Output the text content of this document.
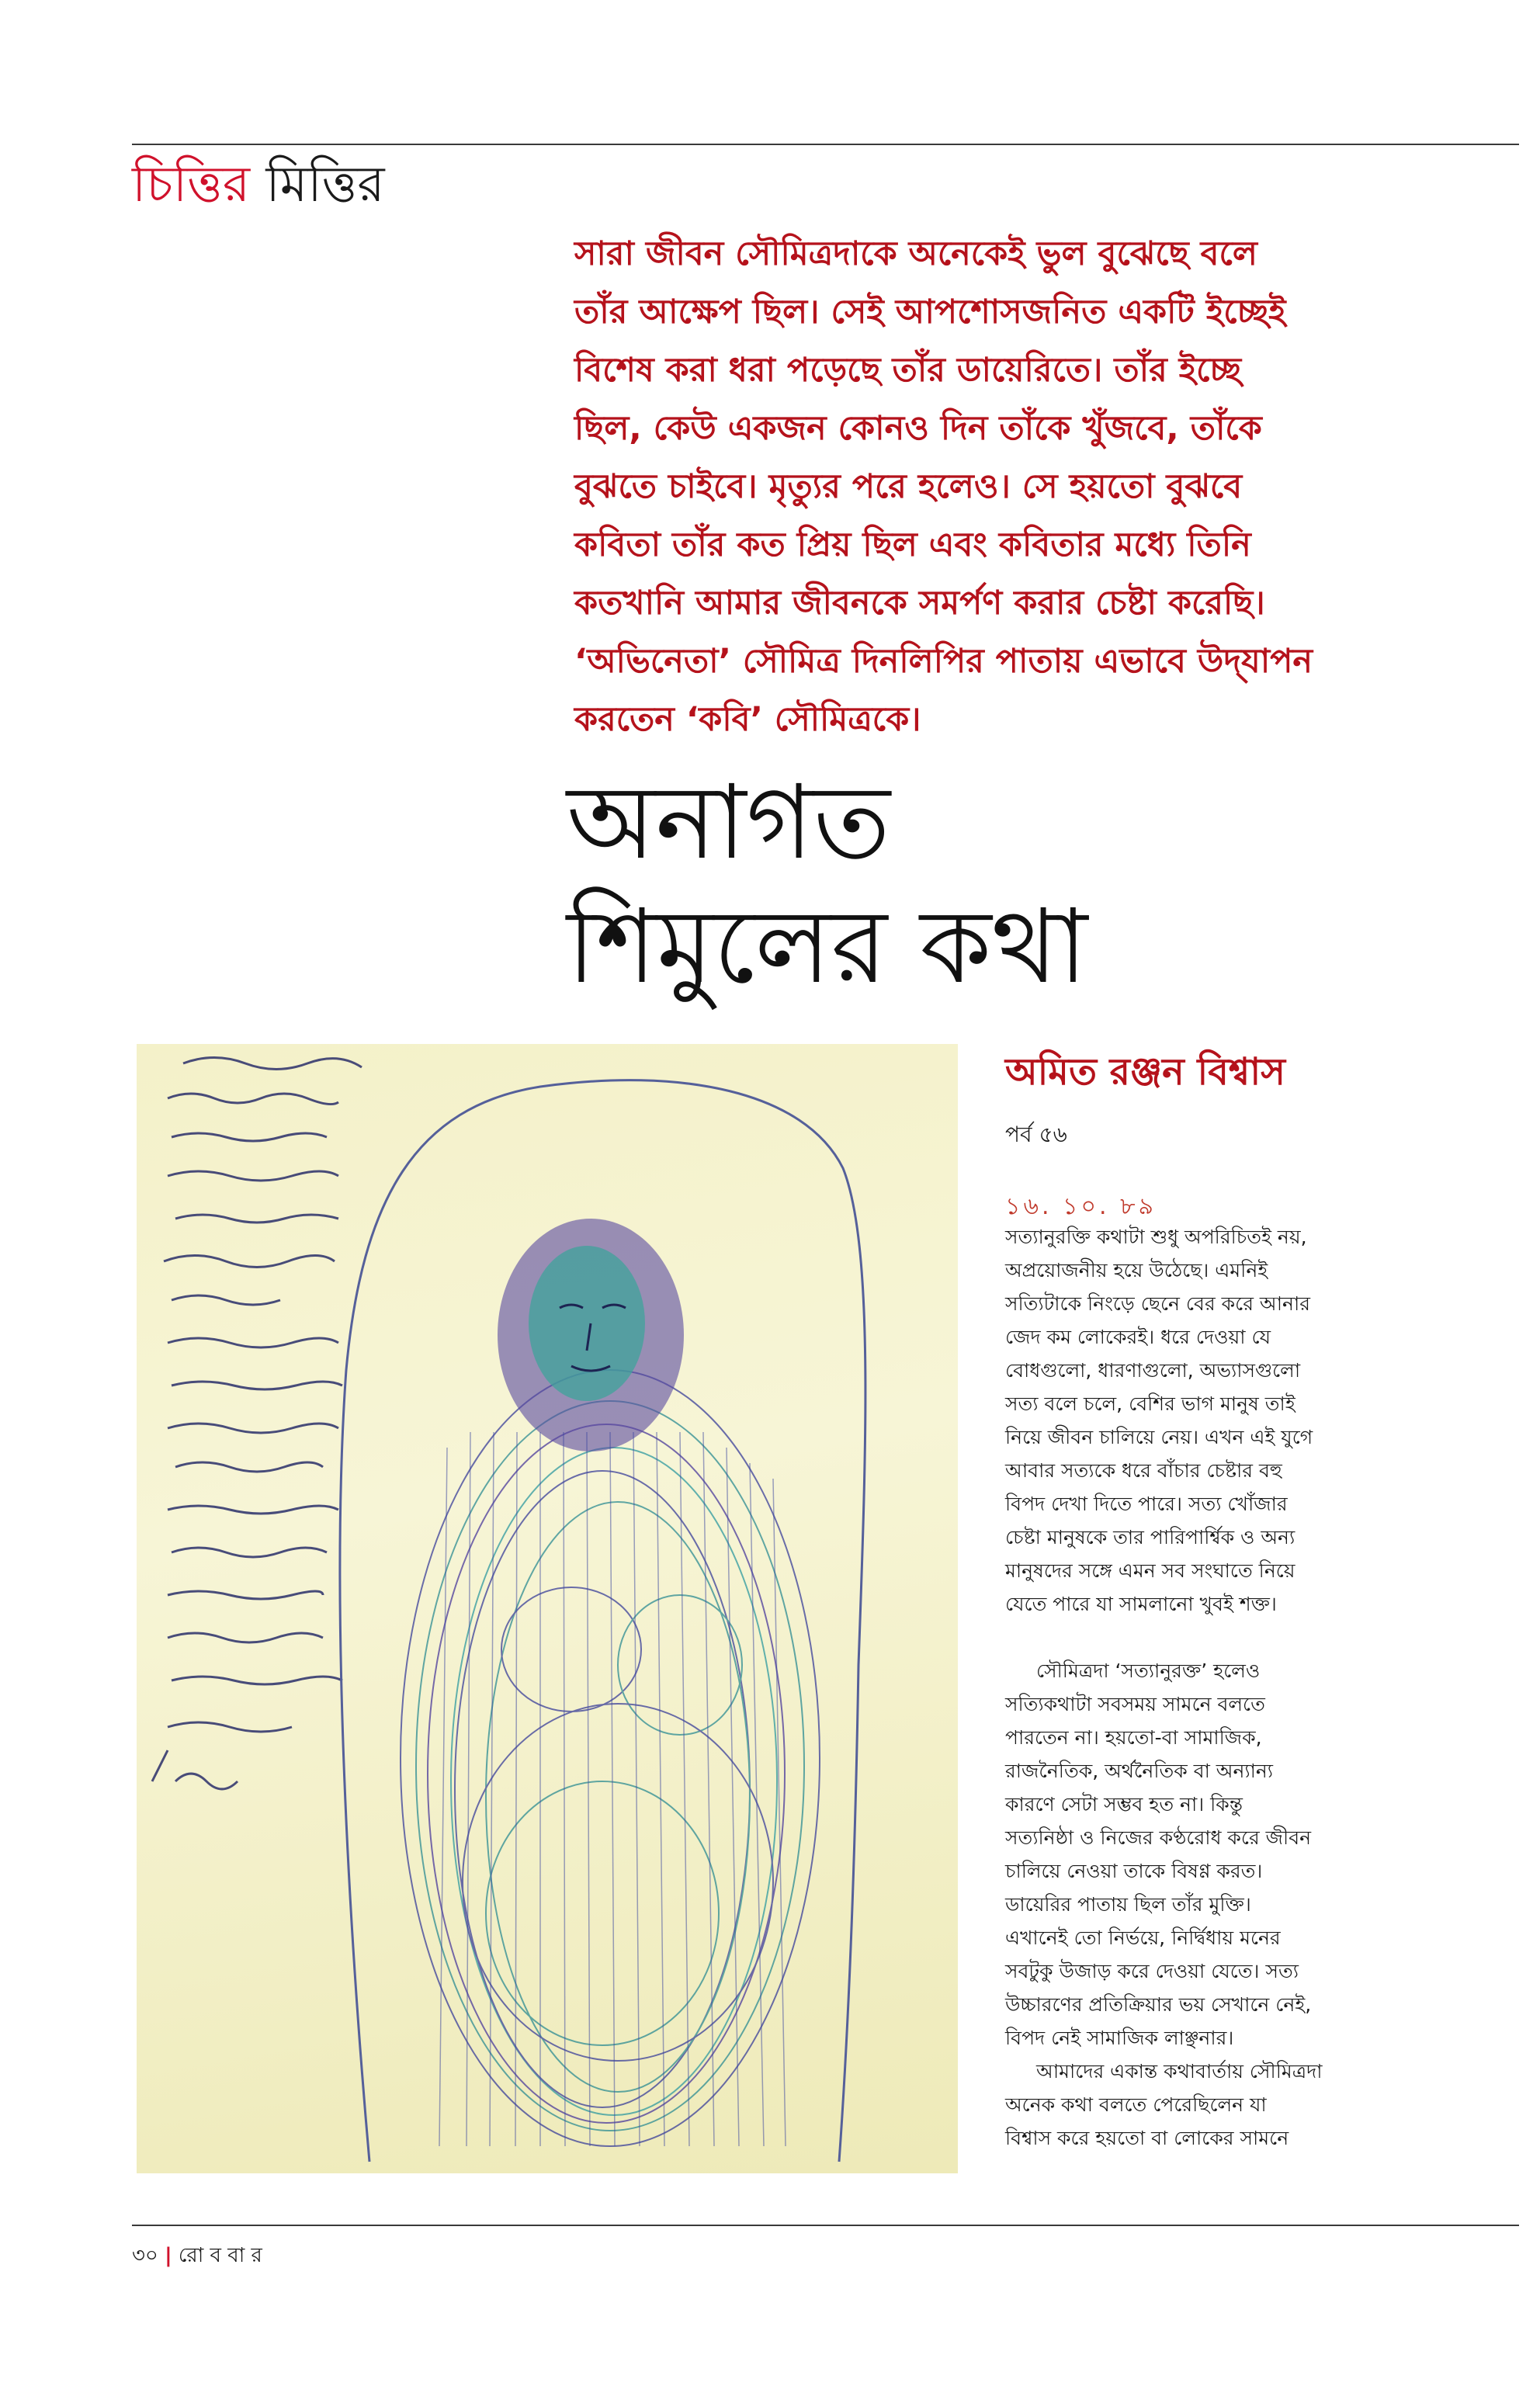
চিত্তির মিত্তির

সারা জীবন সৌমিত্রদাকে অনেকেই ভুল বুঝেছে বলে

তাঁর আক্ষেপ ছিল। সেই আপশোসজনিত একটি ইচ্ছেই

বিশেষ করা ধরা পড়েছে তাঁর ডায়েরিতে। তাঁর ইচ্ছে

ছিল, কেউ একজন কোনও দিন তাঁকে খুঁজবে, তাঁকে

বুঝতে চাইবে। মৃত্যুর পরে হলেও। সে হয়তো বুঝবে

কবিতা তাঁর কত প্রিয় ছিল এবং কবিতার মধ্যে তিনি

কতখানি আমার জীবনকে সমর্পণ করার চেষ্টা করেছি।

‘অভিনেতা’ সৌমিত্র দিনলিপির পাতায় এভাবে উদ্‌যাপন

করতেন ‘কবি’ সৌমিত্রকে।

অনাগত
শিমুলের কথা
অমিত রঞ্জন বিশ্বাস
পর্ব ৫৬
১৬. ১০. ৮৯
সত্যানুরক্তি কথাটা শুধু অপরিচিতই নয়,
অপ্রয়োজনীয় হয়ে উঠেছে। এমনিই
সত্যিটাকে নিংড়ে ছেনে বের করে আনার
জেদ কম লোকেরই। ধরে দেওয়া যে
বোধগুলো, ধারণাগুলো, অভ্যাসগুলো
সত্য বলে চলে, বেশির ভাগ মানুষ তাই
নিয়ে জীবন চালিয়ে নেয়। এখন এই যুগে
আবার সত্যকে ধরে বাঁচার চেষ্টার বহু
বিপদ দেখা দিতে পারে। সত্য খোঁজার
চেষ্টা মানুষকে তার পারিপার্শ্বিক ও অন্য
মানুষদের সঙ্গে এমন সব সংঘাতে নিয়ে
যেতে পারে যা সামলানো খুবই শক্ত।
সৌমিত্রদা ‘সত্যানুরক্ত’ হলেও
সত্যিকথাটা সবসময় সামনে বলতে
পারতেন না। হয়তো-বা সামাজিক,
রাজনৈতিক, অর্থনৈতিক বা অন্যান্য
কারণে সেটা সম্ভব হত না। কিন্তু
সত্যনিষ্ঠা ও নিজের কণ্ঠরোধ করে জীবন
চালিয়ে নেওয়া তাকে বিষণ্ণ করত।
ডায়েরির পাতায় ছিল তাঁর মুক্তি।
এখানেই তো নির্ভয়ে, নির্দ্বিধায় মনের
সবটুকু উজাড় করে দেওয়া যেতে। সত্য
উচ্চারণের প্রতিক্রিয়ার ভয় সেখানে নেই,
বিপদ নেই সামাজিক লাঞ্ছনার।
আমাদের একান্ত কথাবার্তায় সৌমিত্রদা
অনেক কথা বলতে পেরেছিলেন যা
বিশ্বাস করে হয়তো বা লোকের সামনে
৩০ | রো ব বা র
